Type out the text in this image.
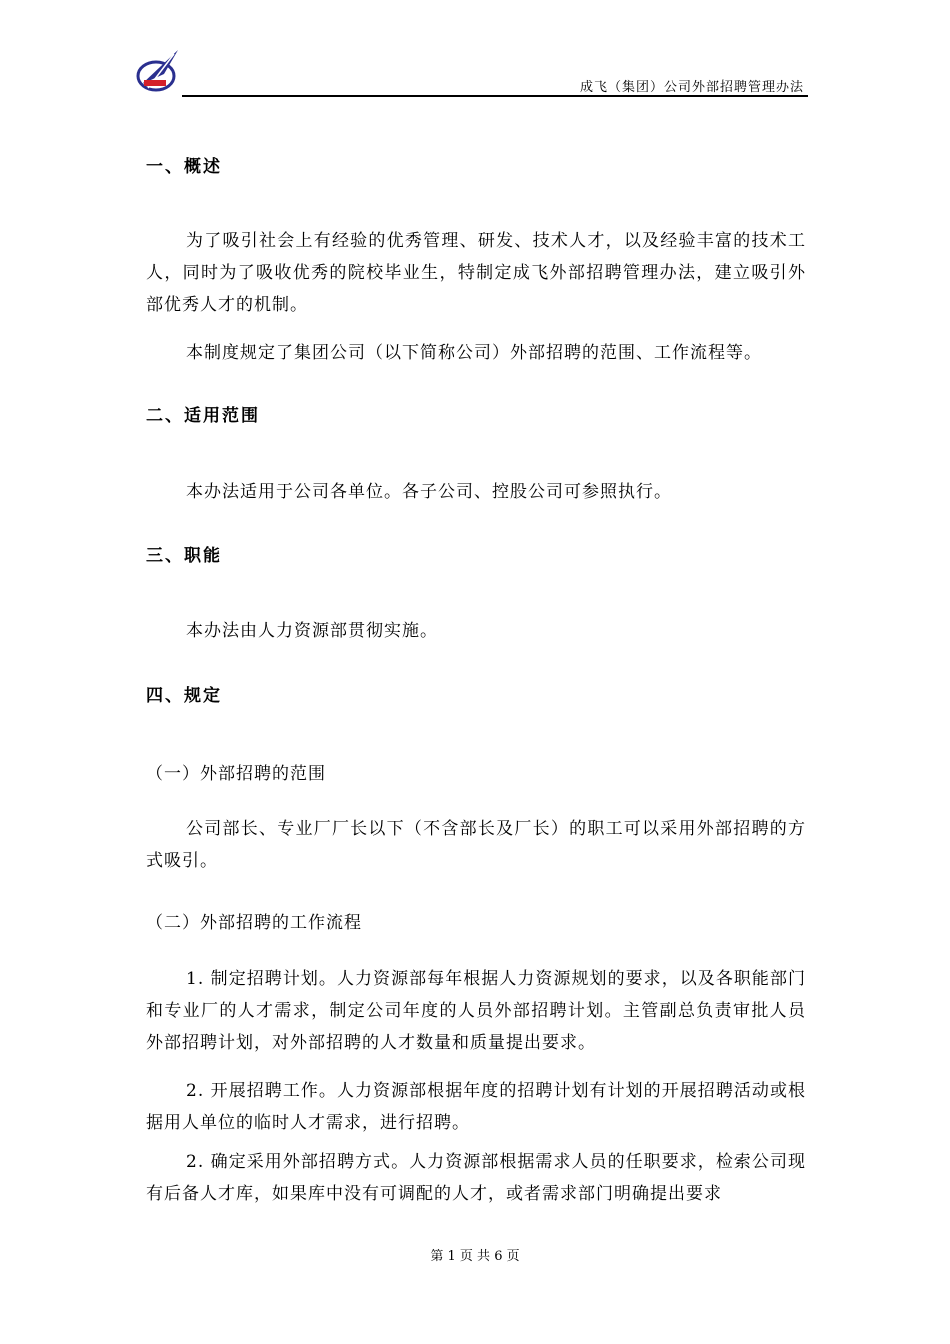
成飞（集团）公司外部招聘管理办法
一、概述
为了吸引社会上有经验的优秀管理、研发、技术人才，以及经验丰富的技术工人，同时为了吸收优秀的院校毕业生，特制定成飞外部招聘管理办法，建立吸引外部优秀人才的机制。
本制度规定了集团公司（以下简称公司）外部招聘的范围、工作流程等。
二、适用范围
本办法适用于公司各单位。各子公司、控股公司可参照执行。
三、职能
本办法由人力资源部贯彻实施。
四、规定
（一）外部招聘的范围
公司部长、专业厂厂长以下（不含部长及厂长）的职工可以采用外部招聘的方式吸引。
（二）外部招聘的工作流程
1. 制定招聘计划。人力资源部每年根据人力资源规划的要求，以及各职能部门和专业厂的人才需求，制定公司年度的人员外部招聘计划。主管副总负责审批人员外部招聘计划，对外部招聘的人才数量和质量提出要求。
2. 开展招聘工作。人力资源部根据年度的招聘计划有计划的开展招聘活动或根据用人单位的临时人才需求，进行招聘。
2. 确定采用外部招聘方式。人力资源部根据需求人员的任职要求，检索公司现有后备人才库，如果库中没有可调配的人才，或者需求部门明确提出要求
第 1 页 共 6 页
